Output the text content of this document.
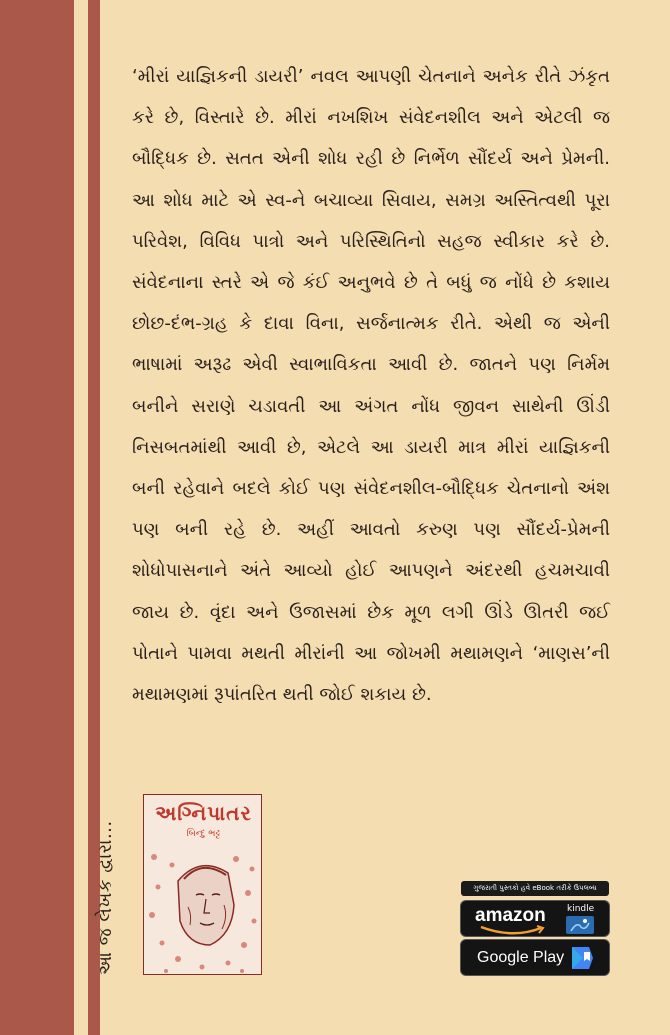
‘મીરાં યાજ્ઞિકની ડાયરી’ નવલ આપણી ચેતનાને અનેક રીતે ઝંકૃત કરે છે, વિસ્તારે છે. મીરાં નખશિખ સંવેદનશીલ અને એટલી જ બૌદ્ધિક છે. સતત એની શોધ રહી છે નિર્ભેળ સૌંદર્ય અને પ્રેમની. આ શોધ માટે એ સ્વ-ને બચાવ્યા સિવાય, સમગ્ર અસ્તિત્વથી પૂરા પરિવેશ, વિવિધ પાત્રો અને પરિસ્થિતિનો સહજ સ્વીકાર કરે છે. સંવેદનાના સ્તરે એ જે કંઈ અનુભવે છે તે બધું જ નોંધે છે કશાય છોછ-દંભ-ગ્રહ કે દાવા વિના, સર્જનાત્મક રીતે. એથી જ એની ભાષામાં અરૂઢ એવી સ્વાભાવિકતા આવી છે. જાતને પણ નિર્મમ બનીને સરાણે ચડાવતી આ અંગત નોંધ જીવન સાથેની ઊંડી નિસબતમાંથી આવી છે, એટલે આ ડાયરી માત્ર મીરાં યાજ્ઞિકની બની રહેવાને બદલે કોઈ પણ સંવેદનશીલ-બૌદ્ધિક ચેતનાનો અંશ પણ બની રહે છે. અહીં આવતો કરુણ પણ સૌંદર્ય-પ્રેમની શોધોપાસનાને અંતે આવ્યો હોઈ આપણને અંદરથી હચમચાવી જાય છે. વૃંદા અને ઉજાસમાં છેક મૂળ લગી ઊંડે ઊતરી જઈ પોતાને પામવા મથતી મીરાંની આ જોખમી મથામણને ‘માણસ’ની મથામણમાં રૂપાંતરિત થતી જોઈ શકાય છે.

આ જ લેખક દ્વારા...
અગ્નિપાતર
બિન્દુ ભટ્ટ
ગુજરાતી પુસ્તકો હવે eBook તરીકે ઉપલબ્ધ
amazon kindle
Google Play
